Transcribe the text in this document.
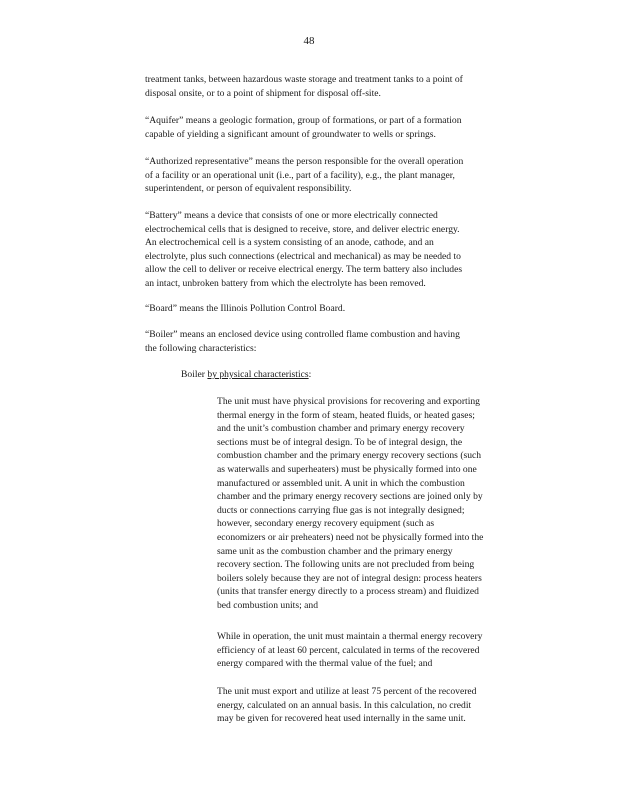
48
treatment tanks, between hazardous waste storage and treatment tanks to a point of
disposal onsite, or to a point of shipment for disposal off-site.
“Aquifer” means a geologic formation, group of formations, or part of a formation
capable of yielding a significant amount of groundwater to wells or springs.
“Authorized representative” means the person responsible for the overall operation
of a facility or an operational unit (i.e., part of a facility), e.g., the plant manager,
superintendent, or person of equivalent responsibility.
“Battery” means a device that consists of one or more electrically connected
electrochemical cells that is designed to receive, store, and deliver electric energy.
An electrochemical cell is a system consisting of an anode, cathode, and an
electrolyte, plus such connections (electrical and mechanical) as may be needed to
allow the cell to deliver or receive electrical energy. The term battery also includes
an intact, unbroken battery from which the electrolyte has been removed.
“Board” means the Illinois Pollution Control Board.
“Boiler” means an enclosed device using controlled flame combustion and having
the following characteristics:
Boiler by physical characteristics:
The unit must have physical provisions for recovering and exporting
thermal energy in the form of steam, heated fluids, or heated gases;
and the unit’s combustion chamber and primary energy recovery
sections must be of integral design. To be of integral design, the
combustion chamber and the primary energy recovery sections (such
as waterwalls and superheaters) must be physically formed into one
manufactured or assembled unit. A unit in which the combustion
chamber and the primary energy recovery sections are joined only by
ducts or connections carrying flue gas is not integrally designed;
however, secondary energy recovery equipment (such as
economizers or air preheaters) need not be physically formed into the
same unit as the combustion chamber and the primary energy
recovery section. The following units are not precluded from being
boilers solely because they are not of integral design: process heaters
(units that transfer energy directly to a process stream) and fluidized
bed combustion units; and
While in operation, the unit must maintain a thermal energy recovery
efficiency of at least 60 percent, calculated in terms of the recovered
energy compared with the thermal value of the fuel; and
The unit must export and utilize at least 75 percent of the recovered
energy, calculated on an annual basis. In this calculation, no credit
may be given for recovered heat used internally in the same unit.
